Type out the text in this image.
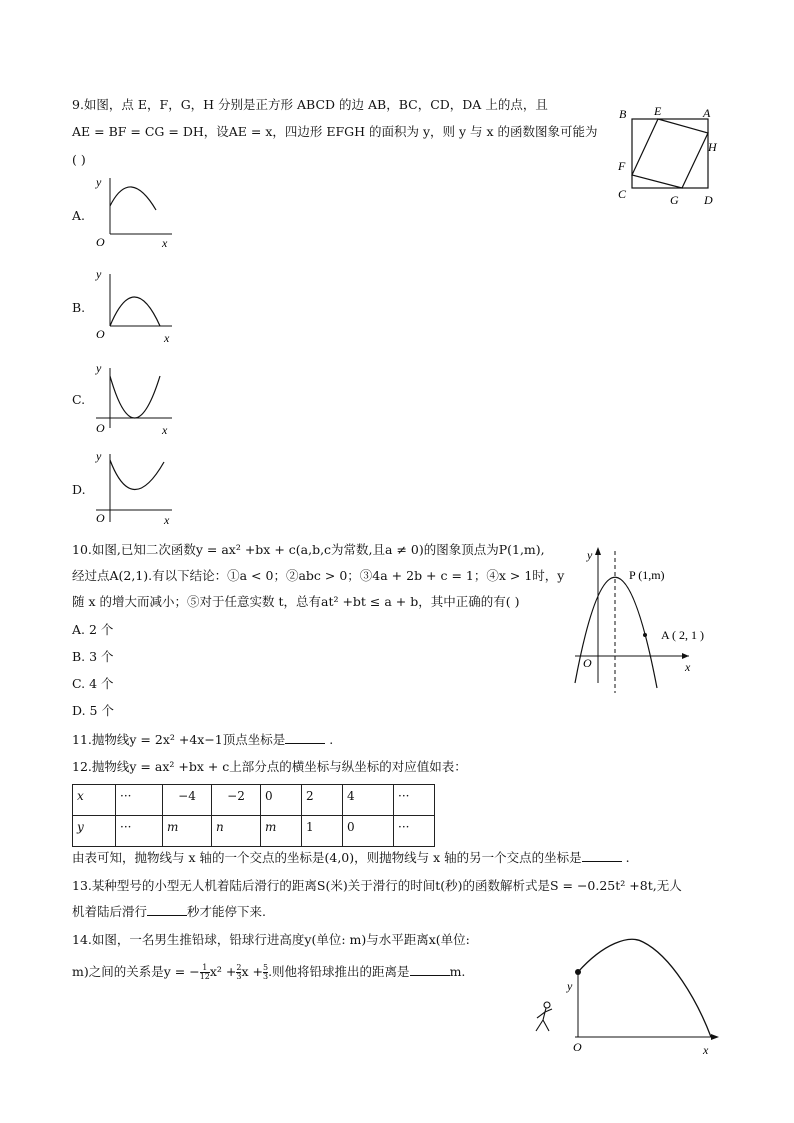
9.如图，点 E，F，G，H 分别是正方形 ABCD 的边 AB，BC，CD，DA 上的点，且
AE = BF = CG = DH，设AE = x，四边形 EFGH 的面积为 y，则 y 与 x 的函数图象可能为
( )
B E	A
H
F
C	G D
A.
y
O	x
B.
y
O	x
C.
y
O	x
D.
y
O	x
10.如图,已知二次函数y = ax² +bx + c(a,b,c为常数,且a ≠ 0)的图象顶点为P(1,m),
经过点A(2,1).有以下结论：①a < 0；②abc > 0；③4a + 2b + c = 1；④x > 1时，y
随 x 的增大而减小；⑤对于任意实数 t，总有at² +bt ≤ a + b，其中正确的有( )
A. 2 个
B. 3 个
C. 4 个
D. 5 个
y
O	x
P (1,m)
A ( 2, 1 )
11.抛物线y = 2x² +4x−1顶点坐标是	.
12.抛物线y = ax² +bx + c上部分点的横坐标与纵坐标的对应值如表：
x	···	−4	−2	0	2	4	···
y	···	m	n	m	1	0	···
由表可知，抛物线与 x 轴的一个交点的坐标是(4,0)，则抛物线与 x 轴的另一个交点的坐标是	.
13.某种型号的小型无人机着陆后滑行的距离S(米)关于滑行的时间t(秒)的函数解析式是S = −0.25t² +8t,无人
机着陆后滑行	秒才能停下来.
14.如图，一名男生推铅球，铅球行进高度y(单位: m)与水平距离x(单位:
m)之间的关系是y = − $\frac{1}{12} x^2 + \frac{2}{3}$ $x + \frac{5}{3}$ .则他将铅球推出的距离是	m.
y
O	x
